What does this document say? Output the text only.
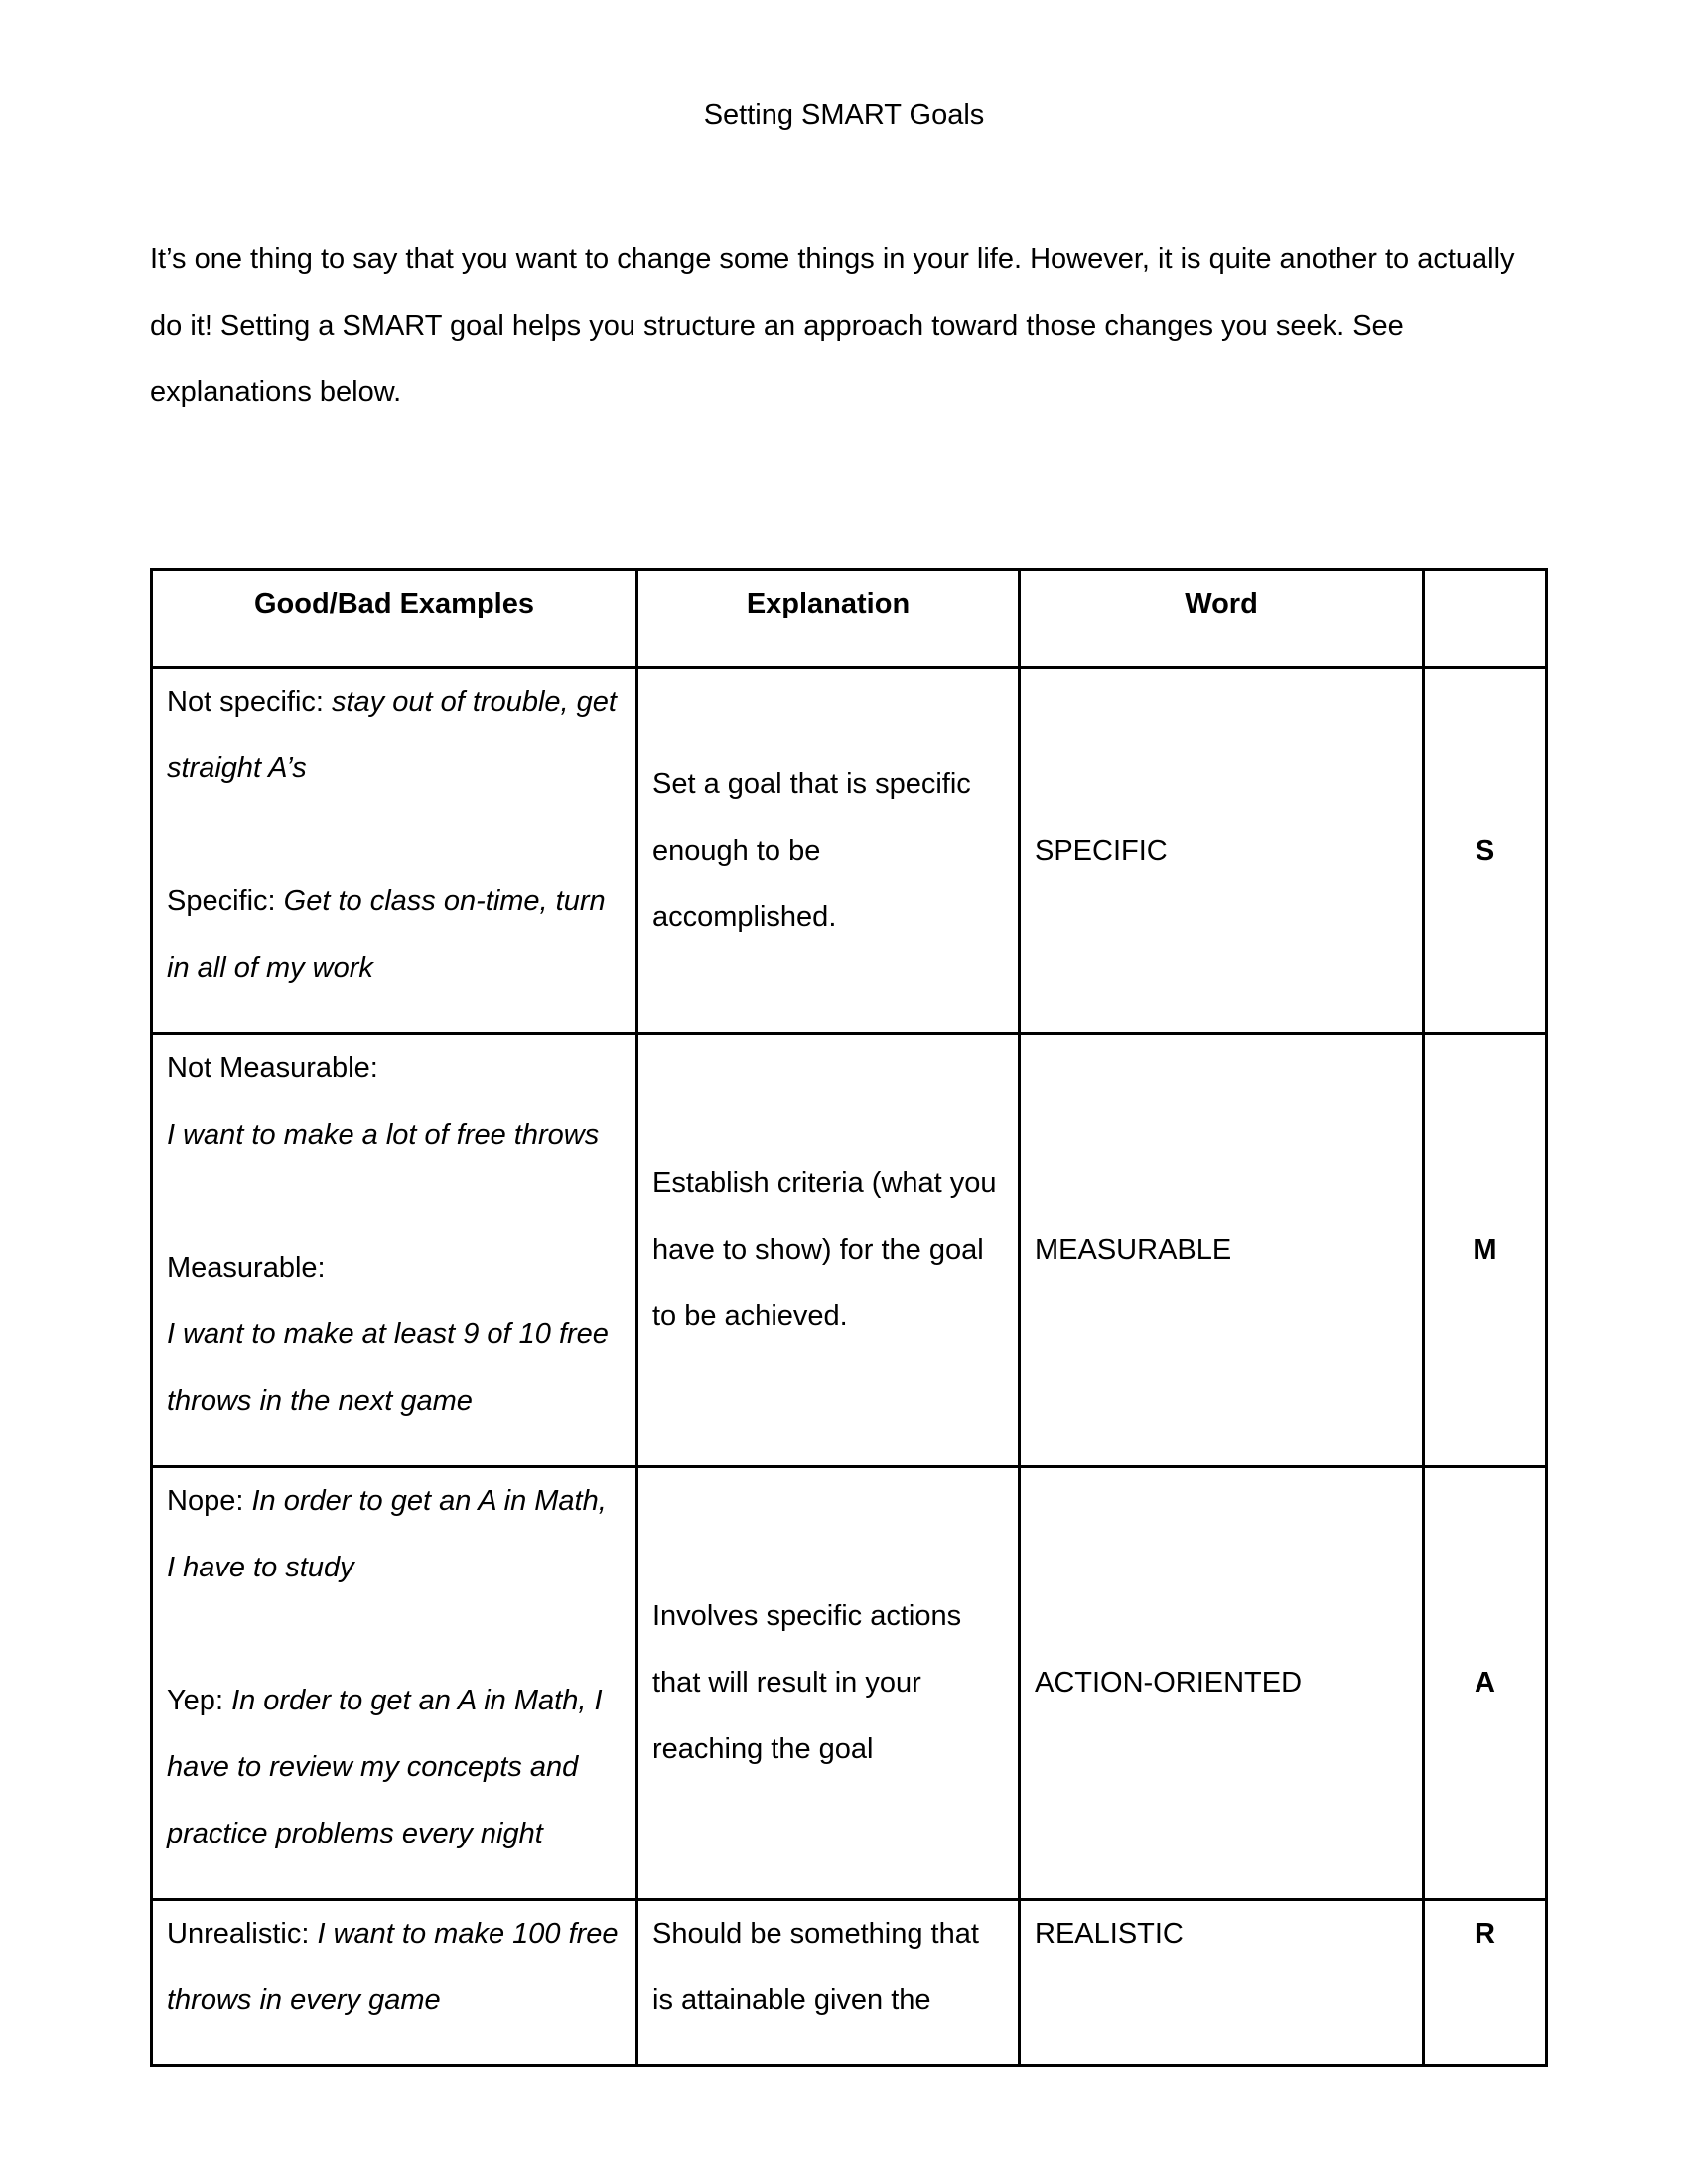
Setting SMART Goals

It’s one thing to say that you want to change some things in your life. However, it is quite another to actually
do it! Setting a SMART goal helps you structure an approach toward those changes you seek. See
explanations below.

Good/Bad Examples	Explanation	Word	

Not specific: stay out of trouble, get
straight A’s
Specific: Get to class on-time, turn
in all of my work	Set a goal that is specific
enough to be
accomplished.	SPECIFIC	S

Not Measurable:
I want to make a lot of free throws
Measurable:
I want to make at least 9 of 10 free
throws in the next game	Establish criteria (what you
have to show) for the goal
to be achieved.	MEASURABLE	M

Nope: In order to get an A in Math,
I have to study
Yep: In order to get an A in Math, I
have to review my concepts and
practice problems every night	Involves specific actions
that will result in your
reaching the goal	ACTION-ORIENTED	A

Unrealistic: I want to make 100 free
throws in every game	Should be something that
is attainable given the	REALISTIC	R
